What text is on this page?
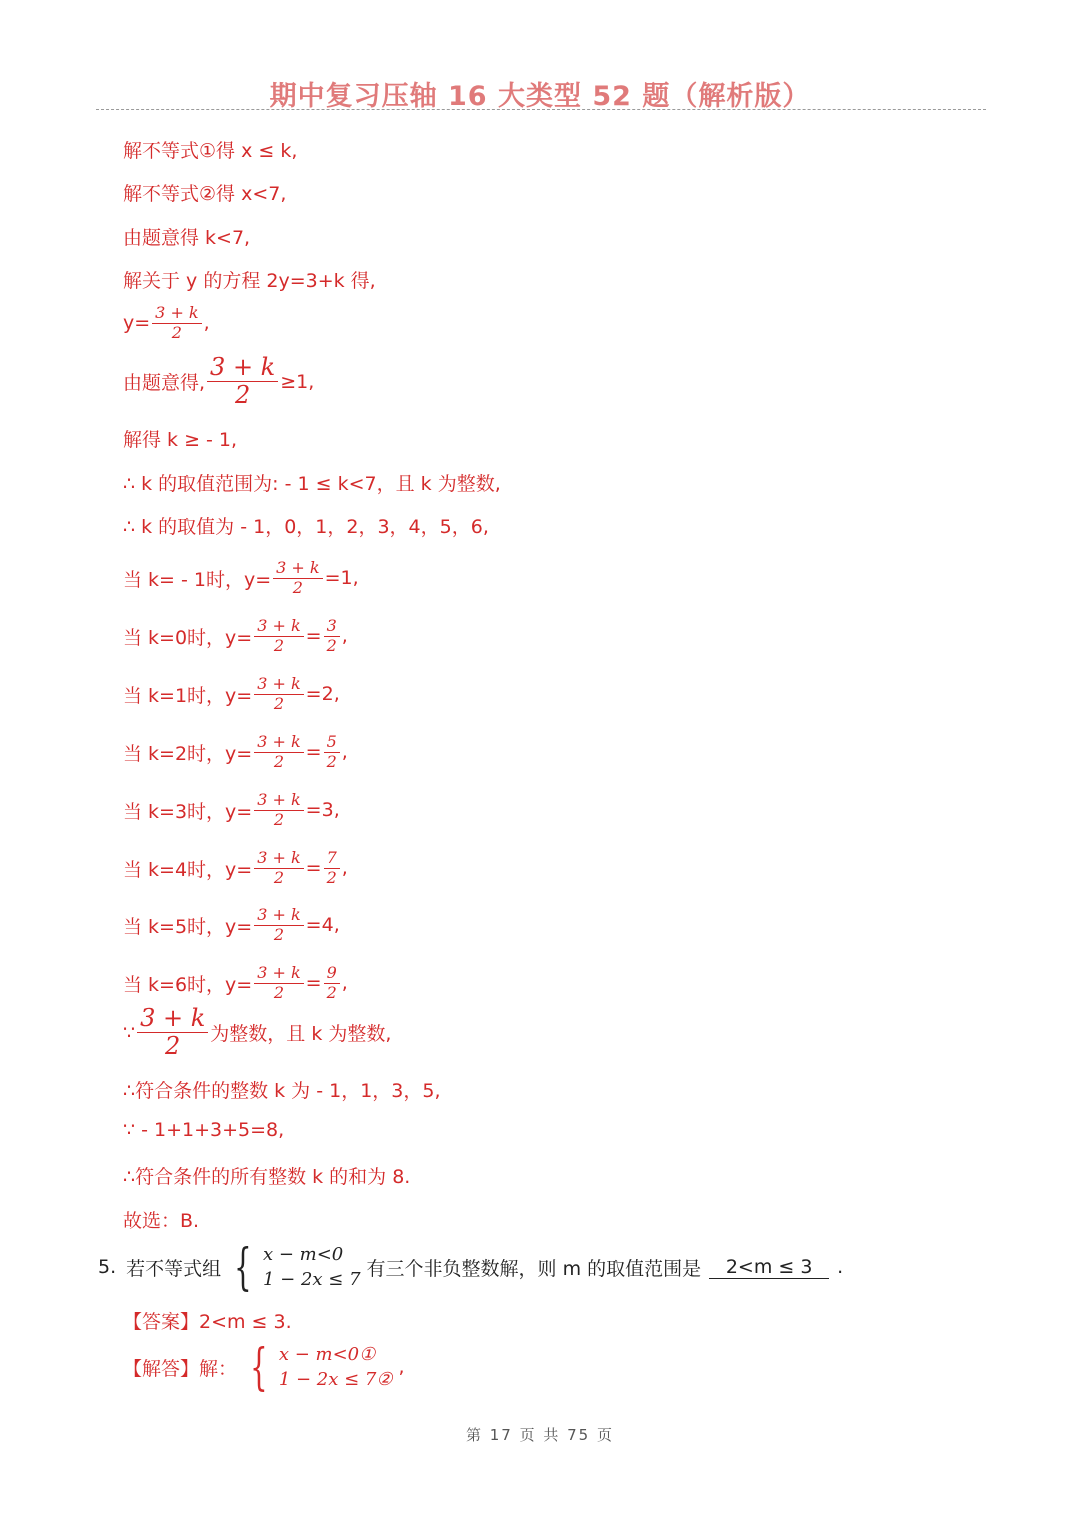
期中复习压轴 16 大类型 52 题（解析版）
解不等式①得 x ≤ k,
解不等式②得 x<7,
由题意得 k<7,
解关于 y 的方程 2y=3+k 得,
$y= \frac{3 + k}{2}$ ,
由题意得, $\frac{3 + k}{2} \ge 1$,
解得 k ≥ - 1,
∴ k 的取值范围为: - 1 ≤ k<7，且 k 为整数,
∴ k 的取值为 - 1，0，1，2，3，4，5，6,
当 k= - 1时，$y= \frac{3 + k}{2} =1$ ,
当 k=0时，$y= \frac{3 + k}{2} = \frac{3}{2}$ ,
当 k=1时，$y= \frac{3 + k}{2} =2$ ,
当 k=2时，$y= \frac{3 + k}{2} = \frac{5}{2}$ ,
当 k=3时，$y= \frac{3 + k}{2} =3$ ,
当 k=4时，$y= \frac{3 + k}{2} = \frac{7}{2}$ ,
当 k=5时，$y= \frac{3 + k}{2} =4$ ,
当 k=6时，$y= \frac{3 + k}{2} = \frac{9}{2}$ ,
∵ $\frac{3 + k}{2}$ 为整数，且 k 为整数,
∴符合条件的整数 k 为 - 1，1，3，5,
∵ - 1+1+3+5=8,
∴符合条件的所有整数 k 的和为 8.
故选：B.
5. 若不等式组 { x − m<0
1 − 2x ≤ 7 有三个非负整数解，则 m 的取值范围是	2<m ≤ 3	.
【答案】2<m ≤ 3.
【解答】解： { x − m<0①
1 − 2x ≤ 7②
,
第 17 页 共 75 页
